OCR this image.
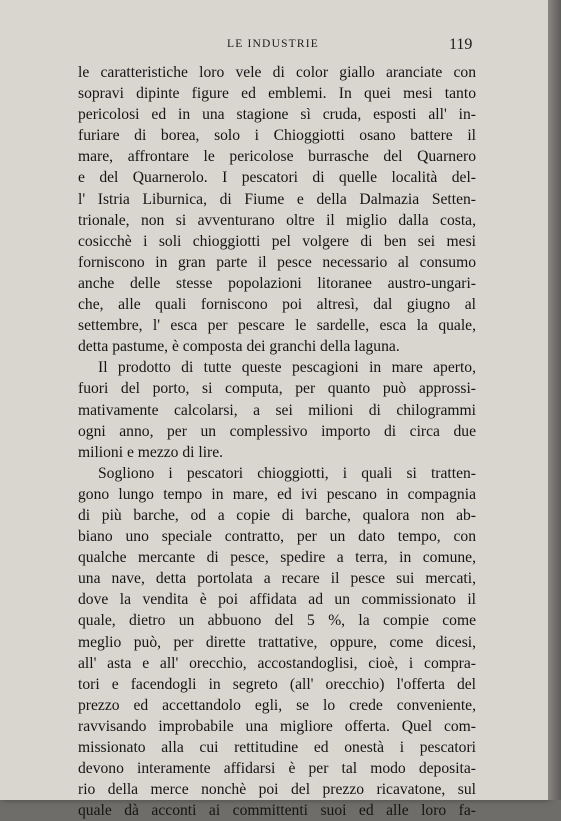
LE INDUSTRIE	119
le caratteristiche loro vele di color giallo aranciate con
sopravi dipinte figure ed emblemi. In quei mesi tanto
pericolosi ed in una stagione sì cruda, esposti all' in-
furiare di borea, solo i Chioggiotti osano battere il
mare, affrontare le pericolose burrasche del Quarnero
e del Quarnerolo. I pescatori di quelle località del-
l' Istria Liburnica, di Fiume e della Dalmazia Setten-
trionale, non si avventurano oltre il miglio dalla costa,
cosicchè i soli chioggiotti pel volgere di ben sei mesi
forniscono in gran parte il pesce necessario al consumo
anche delle stesse popolazioni litoranee austro-ungari-
che, alle quali forniscono poi altresì, dal giugno al
settembre, l' esca per pescare le sardelle, esca la quale,
detta pastume, è composta dei granchi della laguna.
Il prodotto di tutte queste pescagioni in mare aperto,
fuori del porto, si computa, per quanto può approssi-
mativamente calcolarsi, a sei milioni di chilogrammi
ogni anno, per un complessivo importo di circa due
milioni e mezzo di lire.
Sogliono i pescatori chioggiotti, i quali si tratten-
gono lungo tempo in mare, ed ivi pescano in compagnia
di più barche, od a copie di barche, qualora non ab-
biano uno speciale contratto, per un dato tempo, con
qualche mercante di pesce, spedire a terra, in comune,
una nave, detta portolata a recare il pesce sui mercati,
dove la vendita è poi affidata ad un commissionato il
quale, dietro un abbuono del 5 %, la compie come
meglio può, per dirette trattative, oppure, come dicesi,
all' asta e all' orecchio, accostandoglisi, cioè, i compra-
tori e facendogli in segreto (all' orecchio) l'offerta del
prezzo ed accettandolo egli, se lo crede conveniente,
ravvisando improbabile una migliore offerta. Quel com-
missionato alla cui rettitudine ed onestà i pescatori
devono interamente affidarsi è per tal modo deposita-
rio della merce nonchè poi del prezzo ricavatone, sul
quale dà acconti ai committenti suoi ed alle loro fa-
